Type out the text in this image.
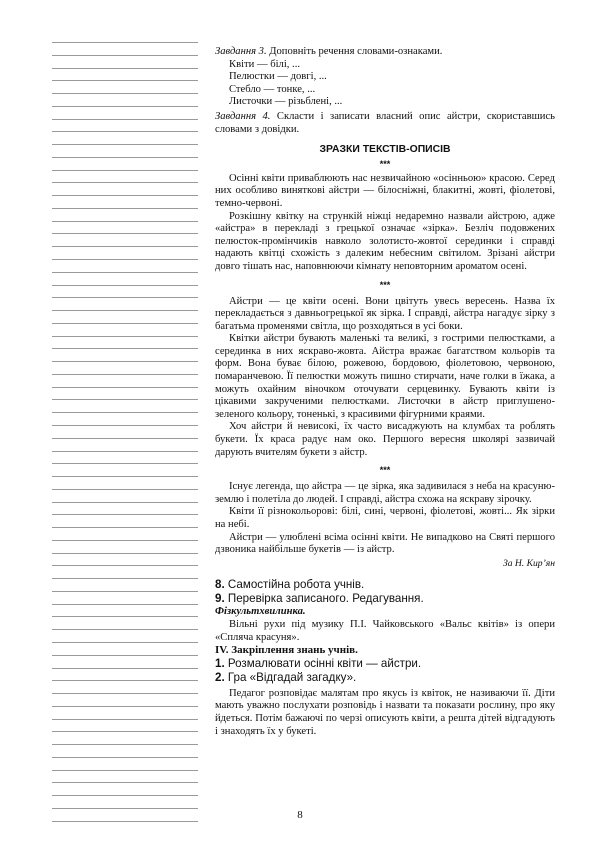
Завдання 3. Доповніть речення словами-ознаками.

Квіти — білі, ...

Пелюстки — довгі, ...

Стебло — тонке, ...

Листочки — різьблені, ...

Завдання 4. Скласти і записати власний опис айстри, скориставшись словами з довідки.

ЗРАЗКИ ТЕКСТІВ-ОПИСІВ
***

Осінні квіти приваблюють нас незвичайною «осінньою» красою. Серед них особливо виняткові айстри — білосніжні, блакитні, жовті, фіолетові, темно-червоні.

Розкішну квітку на стрункій ніжці недаремно назвали айстрою, адже «айстра» в перекладі з грецької означає «зірка». Безліч подовжених пелюсток-промінчиків навколо золотисто-жовтої серединки і справді надають квітці схожість з далеким небесним світилом. Зрізані айстри довго тішать нас, наповнюючи кімнату неповторним ароматом осені.

***

Айстри — це квіти осені. Вони цвітуть увесь вересень. Назва їх перекладається з давньогрецької як зірка. І справді, айстра нагадує зірку з багатьма променями світла, що розходяться в усі боки.

Квітки айстри бувають маленькі та великі, з гострими пелюстками, а серединка в них яскраво-жовта. Айстра вражає багатством кольорів та форм. Вона буває білою, рожевою, бордовою, фіолетовою, червоною, помаранчевою. Її пелюстки можуть пишно стирчати, наче голки в їжака, а можуть охайним віночком оточувати серцевинку. Бувають квіти із цікавими закрученими пелюстками. Листочки в айстр приглушено-зеленого кольору, тоненькі, з красивими фігурними краями.

Хоч айстри й невисокі, їх часто висаджують на клумбах та роблять букети. Їх краса радує нам око. Першого вересня школярі зазвичай дарують вчителям букети з айстр.

***

Існує легенда, що айстра — це зірка, яка задивилася з неба на красуню-землю і полетіла до людей. І справді, айстра схожа на яскраву зірочку.

Квіти її різнокольорові: білі, сині, червоні, фіолетові, жовті... Як зірки на небі.

Айстри — улюблені всіма осінні квіти. Не випадково на Святі першого дзвоника найбільше букетів — із айстр.

За Н. Кир’ян

8. Самостійна робота учнів.

9. Перевірка записаного. Редагування.

Фізкультхвилинка.

Вільні рухи під музику П.І. Чайковського «Вальс квітів» із опери «Спляча красуня».

IV. Закріплення знань учнів.

1. Розмалювати осінні квіти — айстри.

2. Гра «Відгадай загадку».

Педагог розповідає малятам про якусь із квіток, не називаючи її. Діти мають уважно послухати розповідь і назвати та показати рослину, про яку йдеться. Потім бажаючі по черзі описують квіти, а решта дітей відгадують і знаходять їх у букеті.

8
